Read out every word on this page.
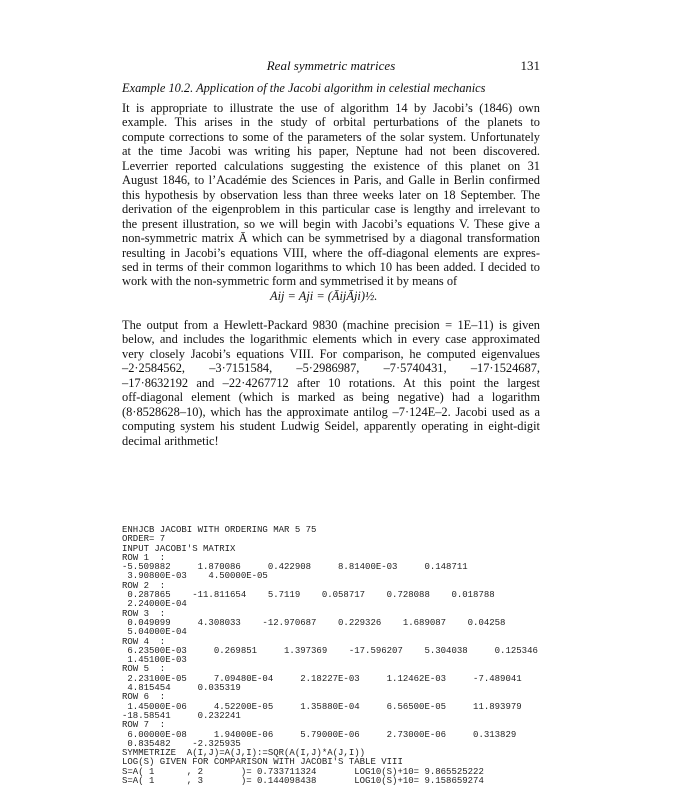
Real symmetric matrices	131
Example 10.2. Application of the Jacobi algorithm in celestial mechanics

It is appropriate to illustrate the use of algorithm 14 by Jacobi’s (1846) own
example. This arises in the study of orbital perturbations of the planets to
compute corrections to some of the parameters of the solar system. Unfortunately
at the time Jacobi was writing his paper, Neptune had not been discovered.
Leverrier reported calculations suggesting the existence of this planet on 31
August 1846, to l’Académie des Sciences in Paris, and Galle in Berlin confirmed
this hypothesis by observation less than three weeks later on 18 September. The
derivation of the eigenproblem in this particular case is lengthy and irrelevant to
the present illustration, so we will begin with Jacobi’s equations V. These give a
non-symmetric matrix Ā which can be symmetrised by a diagonal transformation
resulting in Jacobi’s equations VIII, where the off-diagonal elements are expres-
sed in terms of their common logarithms to which 10 has been added. I decided to
work with the non-symmetric form and symmetrised it by means of

Aij = Aji = (ĀijĀji)½.

The output from a Hewlett-Packard 9830 (machine precision = 1E–11) is given
below, and includes the logarithmic elements which in every case approximated
very closely Jacobi’s equations VIII. For comparison, he computed eigenvalues
–2·2584562, –3·7151584, –5·2986987, –7·5740431, –17·1524687,
–17·8632192 and –22·4267712 after 10 rotations. At this point the largest
off-diagonal element (which is marked as being negative) had a logarithm
(8·8528628–10), which has the approximate antilog –7·124E–2. Jacobi used as a
computing system his student Ludwig Seidel, apparently operating in eight-digit
decimal arithmetic!

ENHJCB JACOBI WITH ORDERING MAR 5 75
ORDER= 7
INPUT JACOBI'S MATRIX
ROW 1  :
-5.509882     1.870086     0.422908     8.81400E-03     0.148711
3.90800E-03    4.50000E-05
ROW 2  :
0.287865    -11.811654    5.7119    0.058717    0.728088    0.018788
2.24000E-04
ROW 3  :
0.049099     4.308033    -12.970687    0.229326    1.689087    0.04258
5.04000E-04
ROW 4  :
6.23500E-03     0.269851     1.397369    -17.596207    5.304038     0.125346
1.45100E-03
ROW 5  :
2.23100E-05     7.09480E-04     2.18227E-03     1.12462E-03     -7.489041
4.815454     0.035319
ROW 6  :
1.45000E-06     4.52200E-05     1.35880E-04     6.56500E-05     11.893979
-18.58541     0.232241
ROW 7  :
6.00000E-08     1.94000E-06     5.79000E-06     2.73000E-06     0.313829
0.835482    -2.325935
SYMMETRIZE  A(I,J)=A(J,I):=SQR(A(I,J)*A(J,I))
LOG(S) GIVEN FOR COMPARISON WITH JACOBI'S TABLE VIII
S=A( 1      , 2       )= 0.733711324       LOG10(S)+10= 9.865525222
S=A( 1      , 3       )= 0.144098438       LOG10(S)+10= 9.158659274
